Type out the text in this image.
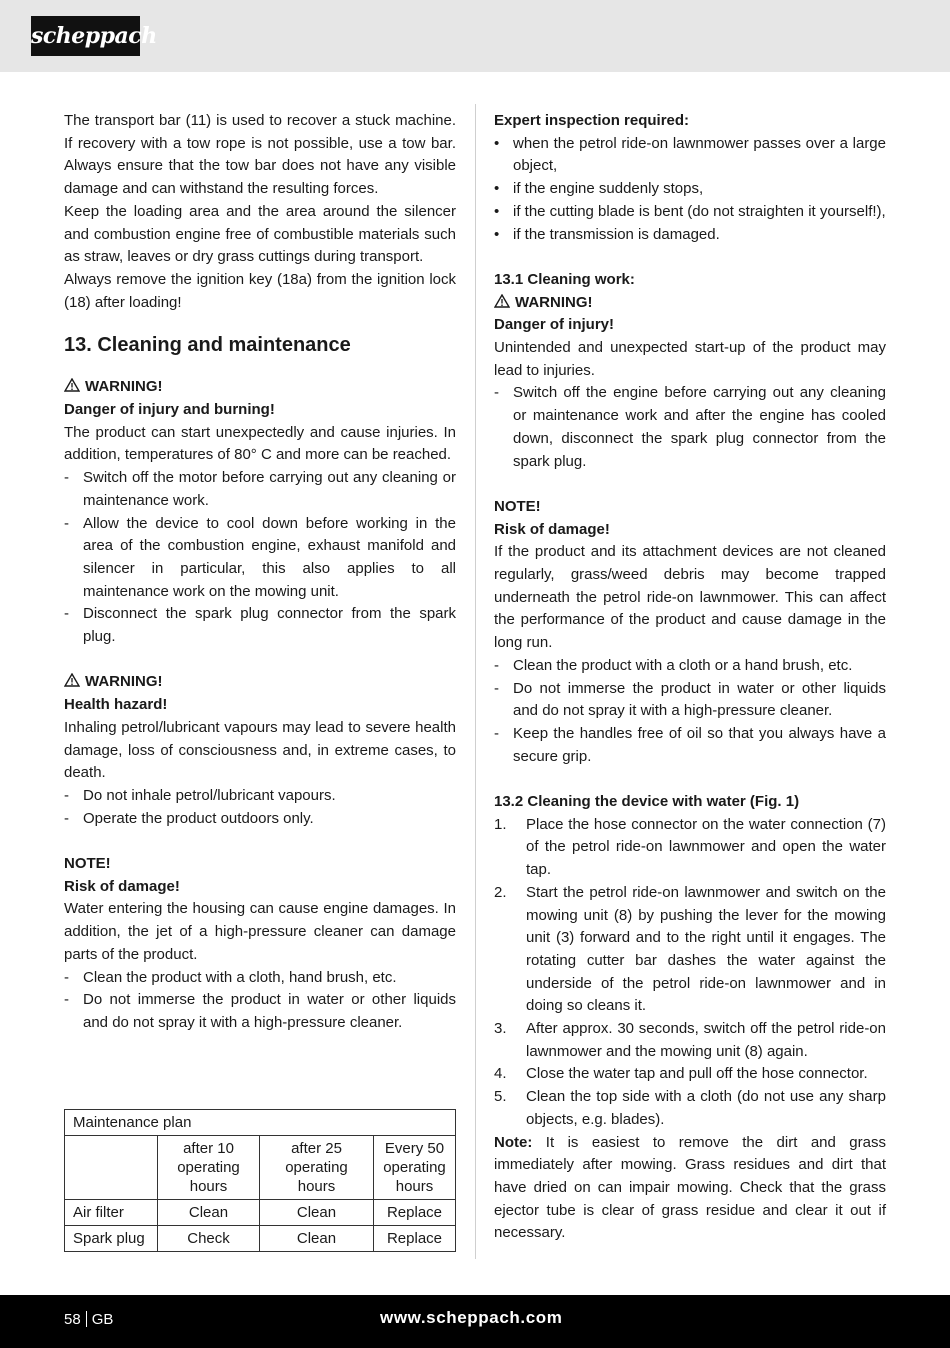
scheppach

The transport bar (11) is used to recover a stuck machine. If recovery with a tow rope is not possible, use a tow bar. Always ensure that the tow bar does not have any visible damage and can withstand the resulting forces.

Keep the loading area and the area around the silencer and combustion engine free of combustible materials such as straw, leaves or dry grass cuttings during transport.

Always remove the ignition key (18a) from the ignition lock (18) after loading!

13. Cleaning and maintenance
WARNING!

Danger of injury and burning!

The product can start unexpectedly and cause injuries. In addition, temperatures of 80° C and more can be reached.

- Switch off the motor before carrying out any cleaning or maintenance work.
- Allow the device to cool down before working in the area of the combustion engine, exhaust manifold and silencer in particular, this also applies to all maintenance work on the mowing unit.
- Disconnect the spark plug connector from the spark plug.
WARNING!

Health hazard!

Inhaling petrol/lubricant vapours may lead to severe health damage, loss of consciousness and, in extreme cases, to death.

- Do not inhale petrol/lubricant vapours.
- Operate the product outdoors only.

NOTE!

Risk of damage!

Water entering the housing can cause engine damages. In addition, the jet of a high-pressure cleaner can damage parts of the product.

- Clean the product with a cloth, hand brush, etc.
- Do not immerse the product in water or other liquids and do not spray it with a high-pressure cleaner.
Maintenance plan			
	after 10 operating hours	after 25 operating hours	Every 50 operating hours
Air filter	Clean	Clean	Replace
Spark plug	Check	Clean	Replace

Expert inspection required:

• when the petrol ride-on lawnmower passes over a large object,
• if the engine suddenly stops,
• if the cutting blade is bent (do not straighten it yourself!),
• if the transmission is damaged.

13.1 Cleaning work:

WARNING!

Danger of injury!

Unintended and unexpected start-up of the product may lead to injuries.

- Switch off the engine before carrying out any cleaning or maintenance work and after the engine has cooled down, disconnect the spark plug connector from the spark plug.

NOTE!

Risk of damage!

If the product and its attachment devices are not cleaned regularly, grass/weed debris may become trapped underneath the petrol ride-on lawnmower. This can affect the performance of the product and cause damage in the long run.

- Clean the product with a cloth or a hand brush, etc.
- Do not immerse the product in water or other liquids and do not spray it with a high-pressure cleaner.
- Keep the handles free of oil so that you always have a secure grip.

13.2 Cleaning the device with water (Fig. 1)

1. Place the hose connector on the water connection (7) of the petrol ride-on lawnmower and open the water tap.
2. Start the petrol ride-on lawnmower and switch on the mowing unit (8) by pushing the lever for the mowing unit (3) forward and to the right until it engages. The rotating cutter bar dashes the water against the underside of the petrol ride-on lawnmower and in doing so cleans it.
3. After approx. 30 seconds, switch off the petrol ride-on lawnmower and the mowing unit (8) again.
4. Close the water tap and pull off the hose connector.
5. Clean the top side with a cloth (do not use any sharp objects, e.g. blades).

Note: It is easiest to remove the dirt and grass immediately after mowing. Grass residues and dirt that have dried on can impair mowing. Check that the grass ejector tube is clear of grass residue and clear it out if necessary.

58 GB	www.scheppach.com
